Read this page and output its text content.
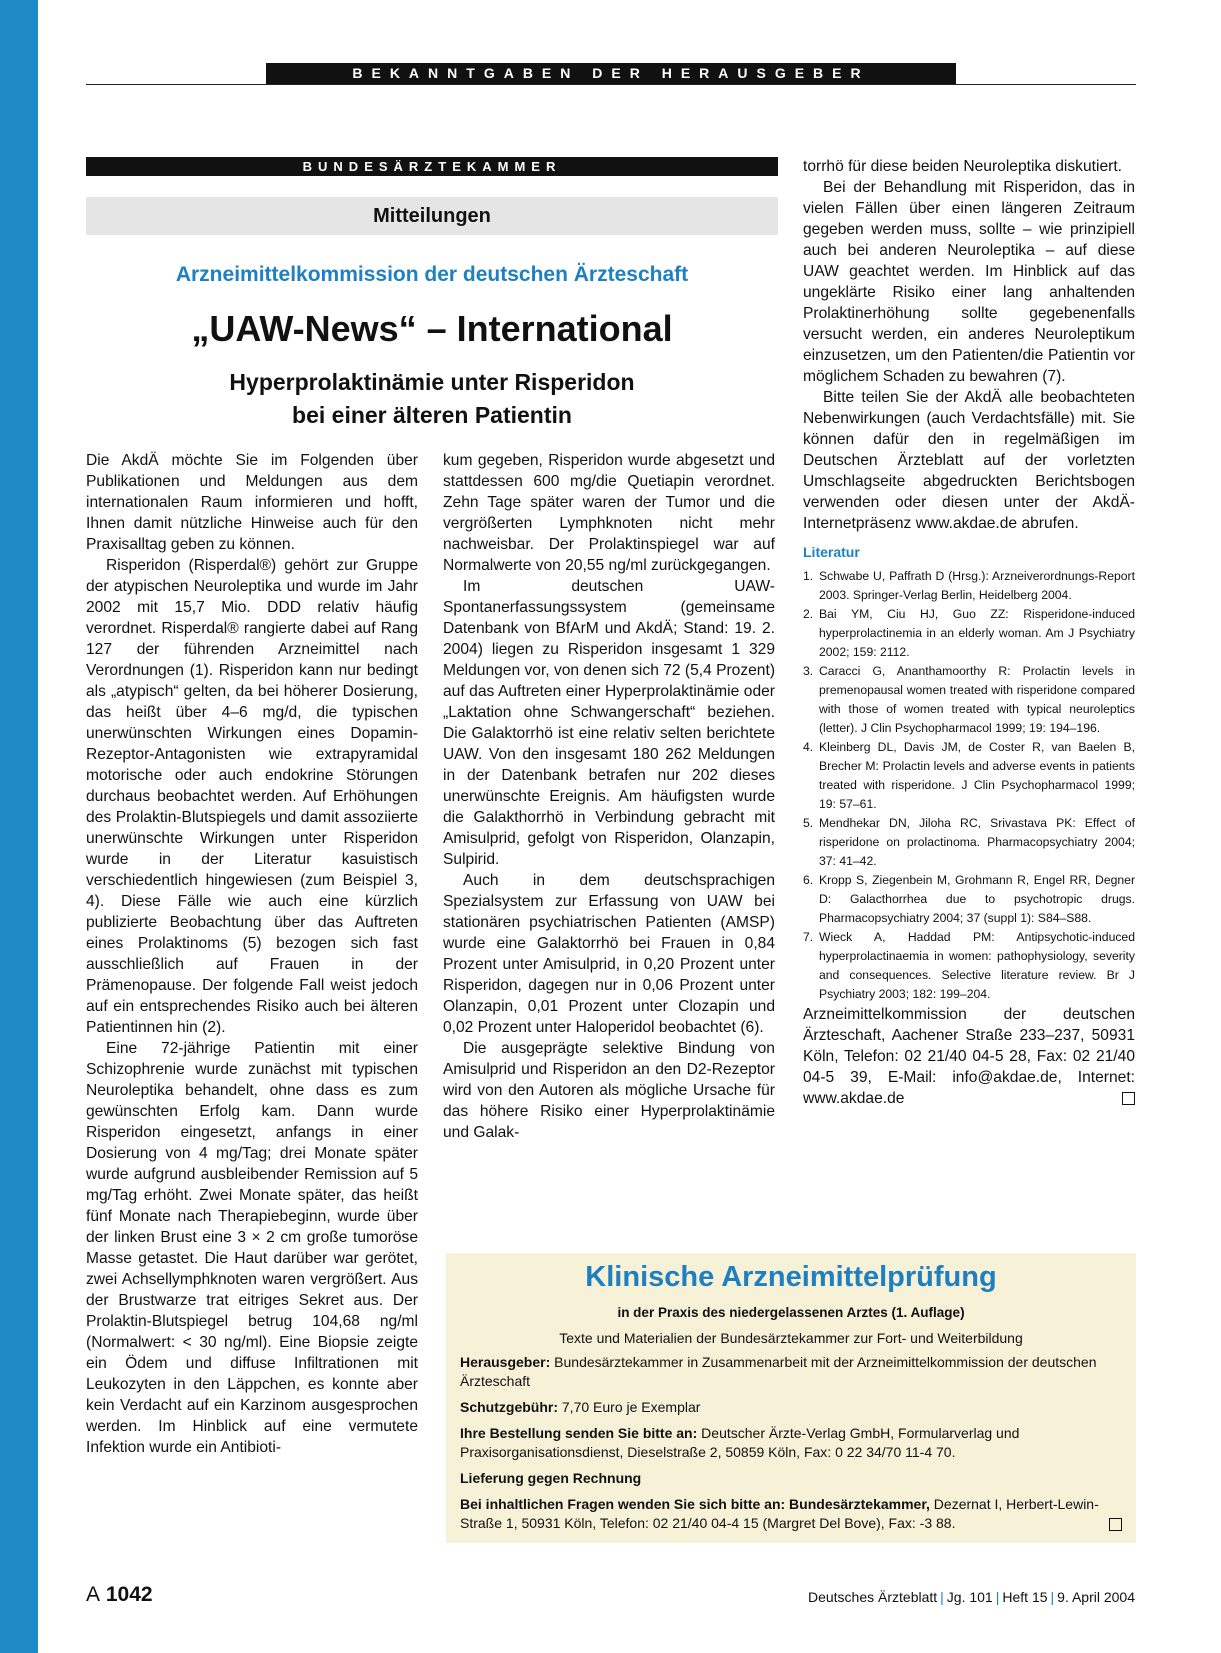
BEKANNTGABEN DER HERAUSGEBER
BUNDESÄRZTEKAMMER
Mitteilungen
Arzneimittelkommission der deutschen Ärzteschaft
„UAW-News“ – International
Hyperprolaktinämie unter Risperidon
bei einer älteren Patientin

Die AkdÄ möchte Sie im Folgenden über Publikationen und Meldungen aus dem internationalen Raum informieren und hofft, Ihnen damit nützliche Hinweise auch für den Praxisalltag geben zu können.

Risperidon (Risperdal®) gehört zur Gruppe der atypischen Neuroleptika und wurde im Jahr 2002 mit 15,7 Mio. DDD relativ häufig verordnet. Risperdal® rangierte dabei auf Rang 127 der führenden Arzneimittel nach Verordnungen (1). Risperidon kann nur bedingt als „atypisch“ gelten, da bei höherer Dosierung, das heißt über 4–6 mg/d, die typischen unerwünschten Wirkungen eines Dopamin-Rezeptor-Antagonisten wie extrapyramidal motorische oder auch endokrine Störungen durchaus beobachtet werden. Auf Erhöhungen des Prolaktin-Blutspiegels und damit assoziierte unerwünschte Wirkungen unter Risperidon wurde in der Literatur kasuistisch verschiedentlich hingewiesen (zum Beispiel 3, 4). Diese Fälle wie auch eine kürzlich publizierte Beobachtung über das Auftreten eines Prolaktinoms (5) bezogen sich fast ausschließlich auf Frauen in der Prämenopause. Der folgende Fall weist jedoch auf ein entsprechendes Risiko auch bei älteren Patientinnen hin (2).

Eine 72-jährige Patientin mit einer Schizophrenie wurde zunächst mit typischen Neuroleptika behandelt, ohne dass es zum gewünschten Erfolg kam. Dann wurde Risperidon eingesetzt, anfangs in einer Dosierung von 4 mg/Tag; drei Monate später wurde aufgrund ausbleibender Remission auf 5 mg/Tag erhöht. Zwei Monate später, das heißt fünf Monate nach Therapiebeginn, wurde über der linken Brust eine 3 × 2 cm große tumoröse Masse getastet. Die Haut darüber war gerötet, zwei Achsellymphknoten waren vergrößert. Aus der Brustwarze trat eitriges Sekret aus. Der Prolaktin-Blutspiegel betrug 104,68 ng/ml (Normalwert: < 30 ng/ml). Eine Biopsie zeigte ein Ödem und diffuse Infiltrationen mit Leukozyten in den Läppchen, es konnte aber kein Verdacht auf ein Karzinom ausgesprochen werden. Im Hinblick auf eine vermutete Infektion wurde ein Antibioti-

kum gegeben, Risperidon wurde abgesetzt und stattdessen 600 mg/die Quetiapin verordnet. Zehn Tage später waren der Tumor und die vergrößerten Lymphknoten nicht mehr nachweisbar. Der Prolaktinspiegel war auf Normalwerte von 20,55 ng/ml zurückgegangen.

Im deutschen UAW-Spontanerfassungssystem (gemeinsame Datenbank von BfArM und AkdÄ; Stand: 19. 2. 2004) liegen zu Risperidon insgesamt 1 329 Meldungen vor, von denen sich 72 (5,4 Prozent) auf das Auftreten einer Hyperprolaktinämie oder „Laktation ohne Schwangerschaft“ beziehen. Die Galaktorrhö ist eine relativ selten berichtete UAW. Von den insgesamt 180 262 Meldungen in der Datenbank betrafen nur 202 dieses unerwünschte Ereignis. Am häufigsten wurde die Galakthorrhö in Verbindung gebracht mit Amisulprid, gefolgt von Risperidon, Olanzapin, Sulpirid.

Auch in dem deutschsprachigen Spezialsystem zur Erfassung von UAW bei stationären psychiatrischen Patienten (AMSP) wurde eine Galaktorrhö bei Frauen in 0,84 Prozent unter Amisulprid, in 0,20 Prozent unter Risperidon, dagegen nur in 0,06 Prozent unter Olanzapin, 0,01 Prozent unter Clozapin und 0,02 Prozent unter Haloperidol beobachtet (6).

Die ausgeprägte selektive Bindung von Amisulprid und Risperidon an den D2-Rezeptor wird von den Autoren als mögliche Ursache für das höhere Risiko einer Hyperprolaktinämie und Galak-

torrhö für diese beiden Neuroleptika diskutiert.

Bei der Behandlung mit Risperidon, das in vielen Fällen über einen längeren Zeitraum gegeben werden muss, sollte – wie prinzipiell auch bei anderen Neuroleptika – auf diese UAW geachtet werden. Im Hinblick auf das ungeklärte Risiko einer lang anhaltenden Prolaktinerhöhung sollte gegebenenfalls versucht werden, ein anderes Neuroleptikum einzusetzen, um den Patienten/die Patientin vor möglichem Schaden zu bewahren (7).

Bitte teilen Sie der AkdÄ alle beobachteten Nebenwirkungen (auch Verdachtsfälle) mit. Sie können dafür den in regelmäßigen im Deutschen Ärzteblatt auf der vorletzten Umschlagseite abgedruckten Berichtsbogen verwenden oder diesen unter der AkdÄ-Internetpräsenz www.akdae.de abrufen.

Literatur
1. Schwabe U, Paffrath D (Hrsg.): Arzneiverordnungs-Report 2003. Springer-Verlag Berlin, Heidelberg 2004.
2. Bai YM, Ciu HJ, Guo ZZ: Risperidone-induced hyperprolactinemia in an elderly woman. Am J Psychiatry 2002; 159: 2112.
3. Caracci G, Ananthamoorthy R: Prolactin levels in premenopausal women treated with risperidone compared with those of women treated with typical neuroleptics (letter). J Clin Psychopharmacol 1999; 19: 194–196.
4. Kleinberg DL, Davis JM, de Coster R, van Baelen B, Brecher M: Prolactin levels and adverse events in patients treated with risperidone. J Clin Psychopharmacol 1999; 19: 57–61.
5. Mendhekar DN, Jiloha RC, Srivastava PK: Effect of risperidone on prolactinoma. Pharmacopsychiatry 2004; 37: 41–42.
6. Kropp S, Ziegenbein M, Grohmann R, Engel RR, Degner D: Galacthorrhea due to psychotropic drugs. Pharmacopsychiatry 2004; 37 (suppl 1): S84–S88.
7. Wieck A, Haddad PM: Antipsychotic-induced hyperprolactinaemia in women: pathophysiology, severity and consequences. Selective literature review. Br J Psychiatry 2003; 182: 199–204.

Arzneimittelkommission der deutschen Ärzteschaft, Aachener Straße 233–237, 50931 Köln, Telefon: 02 21/40 04-5 28, Fax: 02 21/40 04-5 39, E-Mail: info@akdae.de, Internet: www.akdae.de

Klinische Arzneimittelprüfung
in der Praxis des niedergelassenen Arztes (1. Auflage)
Texte und Materialien der Bundesärztekammer zur Fort- und Weiterbildung

Herausgeber: Bundesärztekammer in Zusammenarbeit mit der Arzneimittelkommission der deutschen Ärzteschaft

Schutzgebühr: 7,70 Euro je Exemplar

Ihre Bestellung senden Sie bitte an: Deutscher Ärzte-Verlag GmbH, Formularverlag und Praxisorganisationsdienst, Dieselstraße 2, 50859 Köln, Fax: 0 22 34/70 11-4 70.

Lieferung gegen Rechnung

Bei inhaltlichen Fragen wenden Sie sich bitte an: Bundesärztekammer, Dezernat I, Herbert-Lewin-Straße 1, 50931 Köln, Telefon: 02 21/40 04-4 15 (Margret Del Bove), Fax: -3 88.

A 1042	Deutsches Ärzteblatt | Jg. 101 | Heft 15 | 9. April 2004
